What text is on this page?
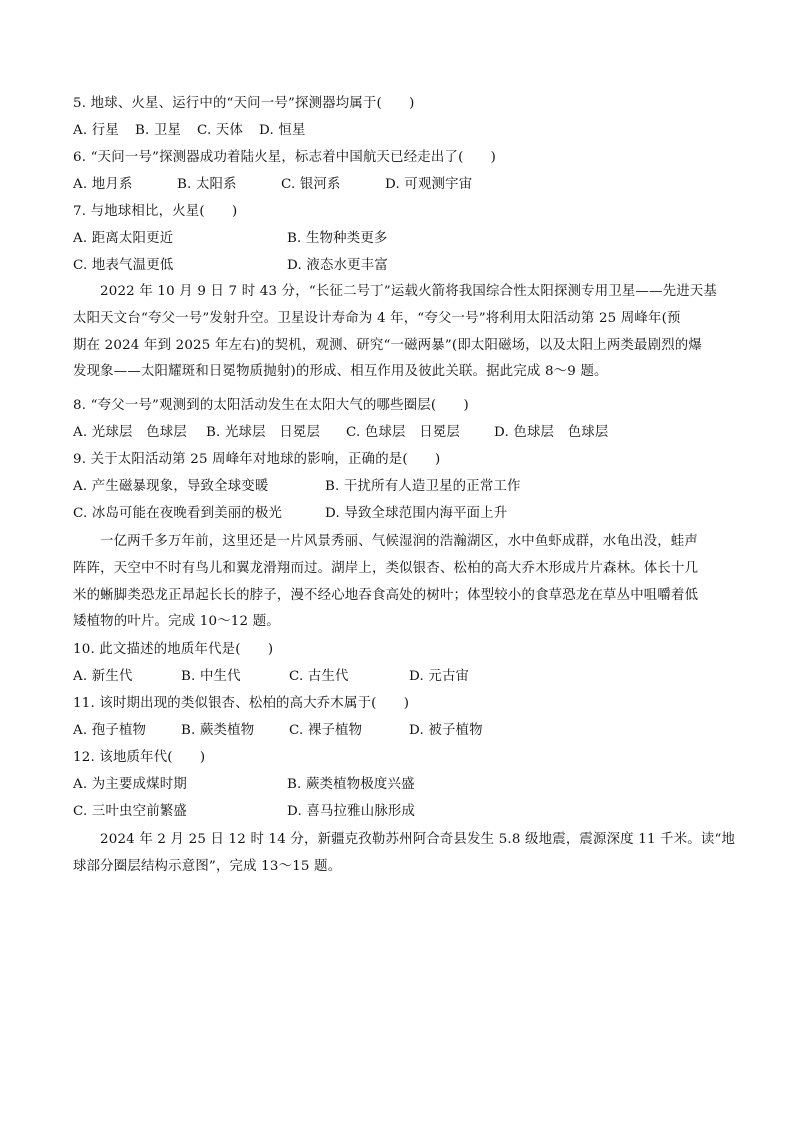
5. 地球、火星、运行中的“天问一号”探测器均属于(　　)
A. 行星 B. 卫星 C. 天体 D. 恒星
6. “天问一号”探测器成功着陆火星，标志着中国航天已经走出了(　　)
A. 地月系	B. 太阳系	C. 银河系	D. 可观测宇宙
7. 与地球相比，火星(　　)
A. 距离太阳更近	B. 生物种类更多
C. 地表气温更低	D. 液态水更丰富
2022 年 10 月 9 日 7 时 43 分，“长征二号丁”运载火箭将我国综合性太阳探测专用卫星——先进天基
太阳天文台“夸父一号”发射升空。卫星设计寿命为 4 年，“夸父一号”将利用太阳活动第 25 周峰年(预
期在 2024 年到 2025 年左右)的契机，观测、研究“一磁两暴”(即太阳磁场，以及太阳上两类最剧烈的爆
发现象——太阳耀斑和日冕物质抛射)的形成、相互作用及彼此关联。据此完成 8～9 题。
8. “夸父一号”观测到的太阳活动发生在太阳大气的哪些圈层(　　)
A. 光球层　色球层 B. 光球层　日冕层 C. 色球层　日冕层	D. 色球层　色球层
9. 关于太阳活动第 25 周峰年对地球的影响，正确的是(　　)
A. 产生磁暴现象，导致全球变暖	B. 干扰所有人造卫星的正常工作
C. 冰岛可能在夜晚看到美丽的极光	D. 导致全球范围内海平面上升
一亿两千多万年前，这里还是一片风景秀丽、气候湿润的浩瀚湖区，水中鱼虾成群，水龟出没，蛙声
阵阵，天空中不时有鸟儿和翼龙滑翔而过。湖岸上，类似银杏、松柏的高大乔木形成片片森林。体长十几
米的蜥脚类恐龙正昂起长长的脖子，漫不经心地吞食高处的树叶；体型较小的食草恐龙在草丛中咀嚼着低
矮植物的叶片。完成 10～12 题。
10. 此文描述的地质年代是(　　)
A. 新生代	B. 中生代	C. 古生代	D. 元古宙
11. 该时期出现的类似银杏、松柏的高大乔木属于(　　)
A. 孢子植物	B. 蕨类植物	C. 裸子植物	D. 被子植物
12. 该地质年代(　　)
A. 为主要成煤时期	B. 蕨类植物极度兴盛
C. 三叶虫空前繁盛	D. 喜马拉雅山脉形成
2024 年 2 月 25 日 12 时 14 分，新疆克孜勒苏州阿合奇县发生 5.8 级地震，震源深度 11 千米。读“地
球部分圈层结构示意图”，完成 13～15 题。
